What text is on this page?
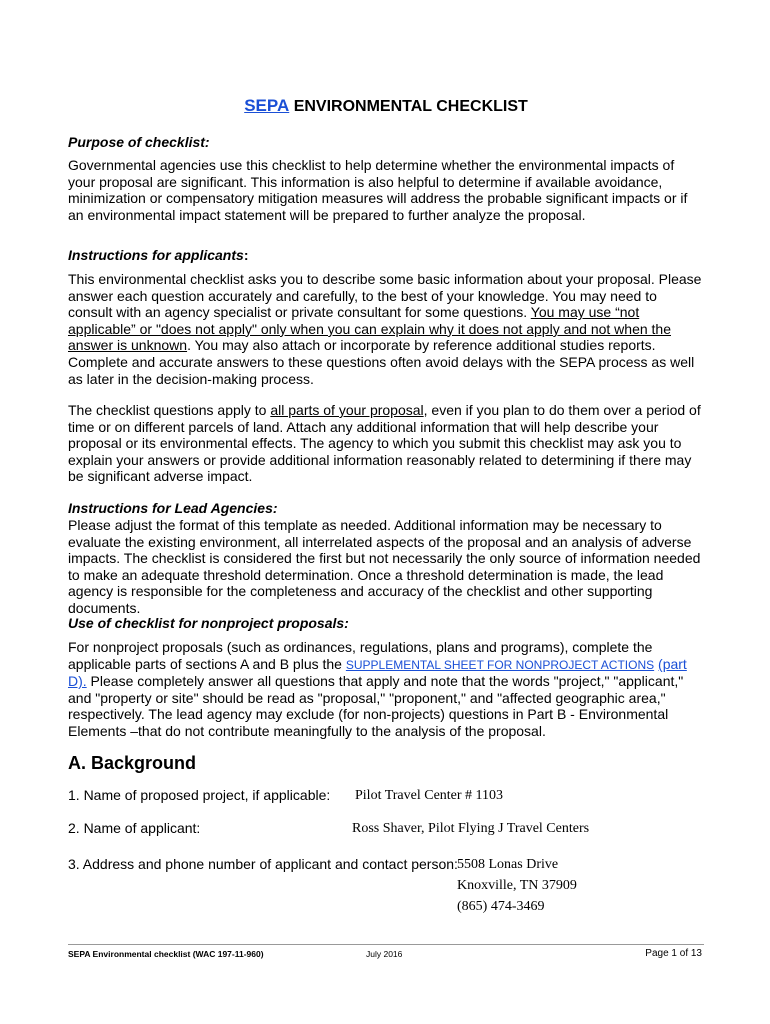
SEPA ENVIRONMENTAL CHECKLIST
Purpose of checklist:

Governmental agencies use this checklist to help determine whether the environmental impacts of your proposal are significant. This information is also helpful to determine if available avoidance, minimization or compensatory mitigation measures will address the probable significant impacts or if an environmental impact statement will be prepared to further analyze the proposal.

Instructions for applicants:

This environmental checklist asks you to describe some basic information about your proposal. Please answer each question accurately and carefully, to the best of your knowledge. You may need to consult with an agency specialist or private consultant for some questions. You may use “not applicable” or "does not apply" only when you can explain why it does not apply and not when the answer is unknown. You may also attach or incorporate by reference additional studies reports. Complete and accurate answers to these questions often avoid delays with the SEPA process as well as later in the decision-making process.

The checklist questions apply to all parts of your proposal, even if you plan to do them over a period of time or on different parcels of land. Attach any additional information that will help describe your proposal or its environmental effects. The agency to which you submit this checklist may ask you to explain your answers or provide additional information reasonably related to determining if there may be significant adverse impact.

Instructions for Lead Agencies:

Please adjust the format of this template as needed. Additional information may be necessary to evaluate the existing environment, all interrelated aspects of the proposal and an analysis of adverse impacts. The checklist is considered the first but not necessarily the only source of information needed to make an adequate threshold determination. Once a threshold determination is made, the lead agency is responsible for the completeness and accuracy of the checklist and other supporting documents.

Use of checklist for nonproject proposals:

For nonproject proposals (such as ordinances, regulations, plans and programs), complete the applicable parts of sections A and B plus the SUPPLEMENTAL SHEET FOR NONPROJECT ACTIONS (part D). Please completely answer all questions that apply and note that the words "project," "applicant," and "property or site" should be read as "proposal," "proponent," and "affected geographic area," respectively. The lead agency may exclude (for non-projects) questions in Part B - Environmental Elements –that do not contribute meaningfully to the analysis of the proposal.

A. Background
1. Name of proposed project, if applicable: Pilot Travel Center # 1103
2. Name of applicant:	Ross Shaver, Pilot Flying J Travel Centers
3. Address and phone number of applicant and contact person: 5508 Lonas Drive
Knoxville, TN 37909
(865) 474-3469
SEPA Environmental checklist (WAC 197-11-960)	July 2016	Page 1 of 13
